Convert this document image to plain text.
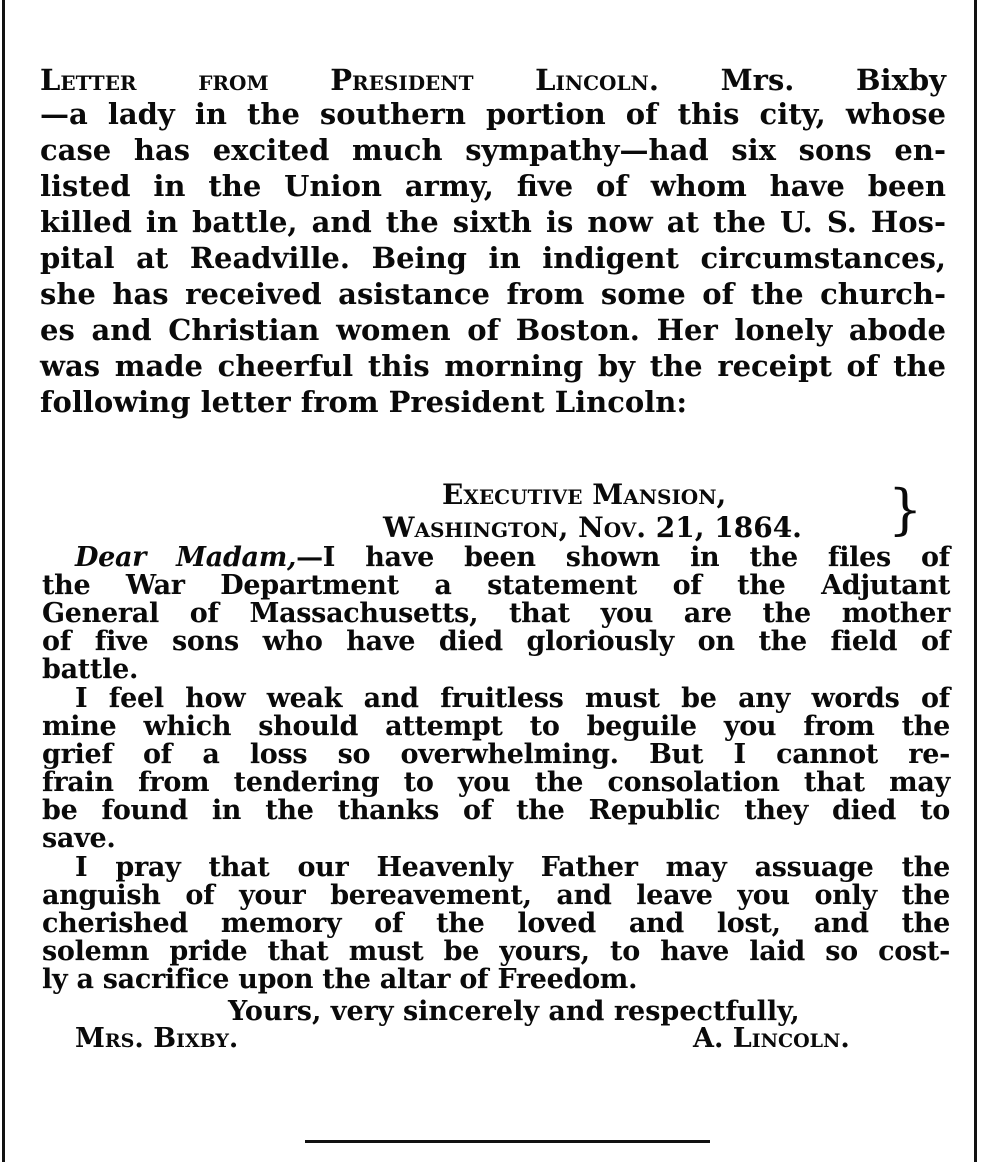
Letter from President Lincoln. Mrs. Bixby
—a lady in the southern portion of this city, whose
case has excited much sympathy—had six sons en-
listed in the Union army, five of whom have been
killed in battle, and the sixth is now at the U. S. Hos-
pital at Readville. Being in indigent circumstances,
she has received asistance from some of the church-
es and Christian women of Boston. Her lonely abode
was made cheerful this morning by the receipt of the
following letter from President Lincoln:
Executive Mansion,
Washington, Nov. 21, 1864. }
Dear Madam,—I have been shown in the files of
the War Department a statement of the Adjutant
General of Massachusetts, that you are the mother
of five sons who have died gloriously on the field of
battle.
I feel how weak and fruitless must be any words of
mine which should attempt to beguile you from the
grief of a loss so overwhelming. But I cannot re-
frain from tendering to you the consolation that may
be found in the thanks of the Republic they died to
save.
I pray that our Heavenly Father may assuage the
anguish of your bereavement, and leave you only the
cherished memory of the loved and lost, and the
solemn pride that must be yours, to have laid so cost-
ly a sacrifice upon the altar of Freedom.
Yours, very sincerely and respectfully,
Mrs. Bixby.	A. Lincoln.
